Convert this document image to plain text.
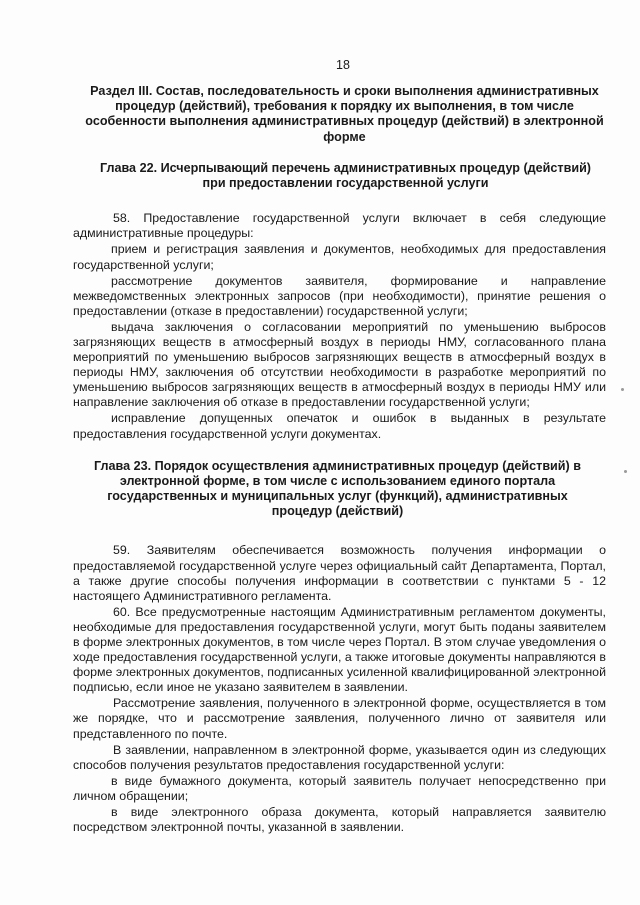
18
Раздел III. Состав, последовательность и сроки выполнения административных процедур (действий), требования к порядку их выполнения, в том числе особенности выполнения административных процедур (действий) в электронной форме
Глава 22. Исчерпывающий перечень административных процедур (действий) при предоставлении государственной услуги

58. Предоставление государственной услуги включает в себя следующие административные процедуры:

прием и регистрация заявления и документов, необходимых для предоставления государственной услуги;

рассмотрение документов заявителя, формирование и направление межведомственных электронных запросов (при необходимости), принятие решения о предоставлении (отказе в предоставлении) государственной услуги;

выдача заключения о согласовании мероприятий по уменьшению выбросов загрязняющих веществ в атмосферный воздух в периоды НМУ, согласованного плана мероприятий по уменьшению выбросов загрязняющих веществ в атмосферный воздух в периоды НМУ, заключения об отсутствии необходимости в разработке мероприятий по уменьшению выбросов загрязняющих веществ в атмосферный воздух в периоды НМУ или направление заключения об отказе в предоставлении государственной услуги;

исправление допущенных опечаток и ошибок в выданных в результате предоставления государственной услуги документах.

Глава 23. Порядок осуществления административных процедур (действий) в электронной форме, в том числе с использованием единого портала государственных и муниципальных услуг (функций), административных процедур (действий)

59. Заявителям обеспечивается возможность получения информации о предоставляемой государственной услуге через официальный сайт Департамента, Портал, а также другие способы получения информации в соответствии с пунктами 5 - 12 настоящего Административного регламента.

60. Все предусмотренные настоящим Административным регламентом документы, необходимые для предоставления государственной услуги, могут быть поданы заявителем в форме электронных документов, в том числе через Портал. В этом случае уведомления о ходе предоставления государственной услуги, а также итоговые документы направляются в форме электронных документов, подписанных усиленной квалифицированной электронной подписью, если иное не указано заявителем в заявлении.

Рассмотрение заявления, полученного в электронной форме, осуществляется в том же порядке, что и рассмотрение заявления, полученного лично от заявителя или представленного по почте.

В заявлении, направленном в электронной форме, указывается один из следующих способов получения результатов предоставления государственной услуги:

в виде бумажного документа, который заявитель получает непосредственно при личном обращении;

в виде электронного образа документа, который направляется заявителю посредством электронной почты, указанной в заявлении.
